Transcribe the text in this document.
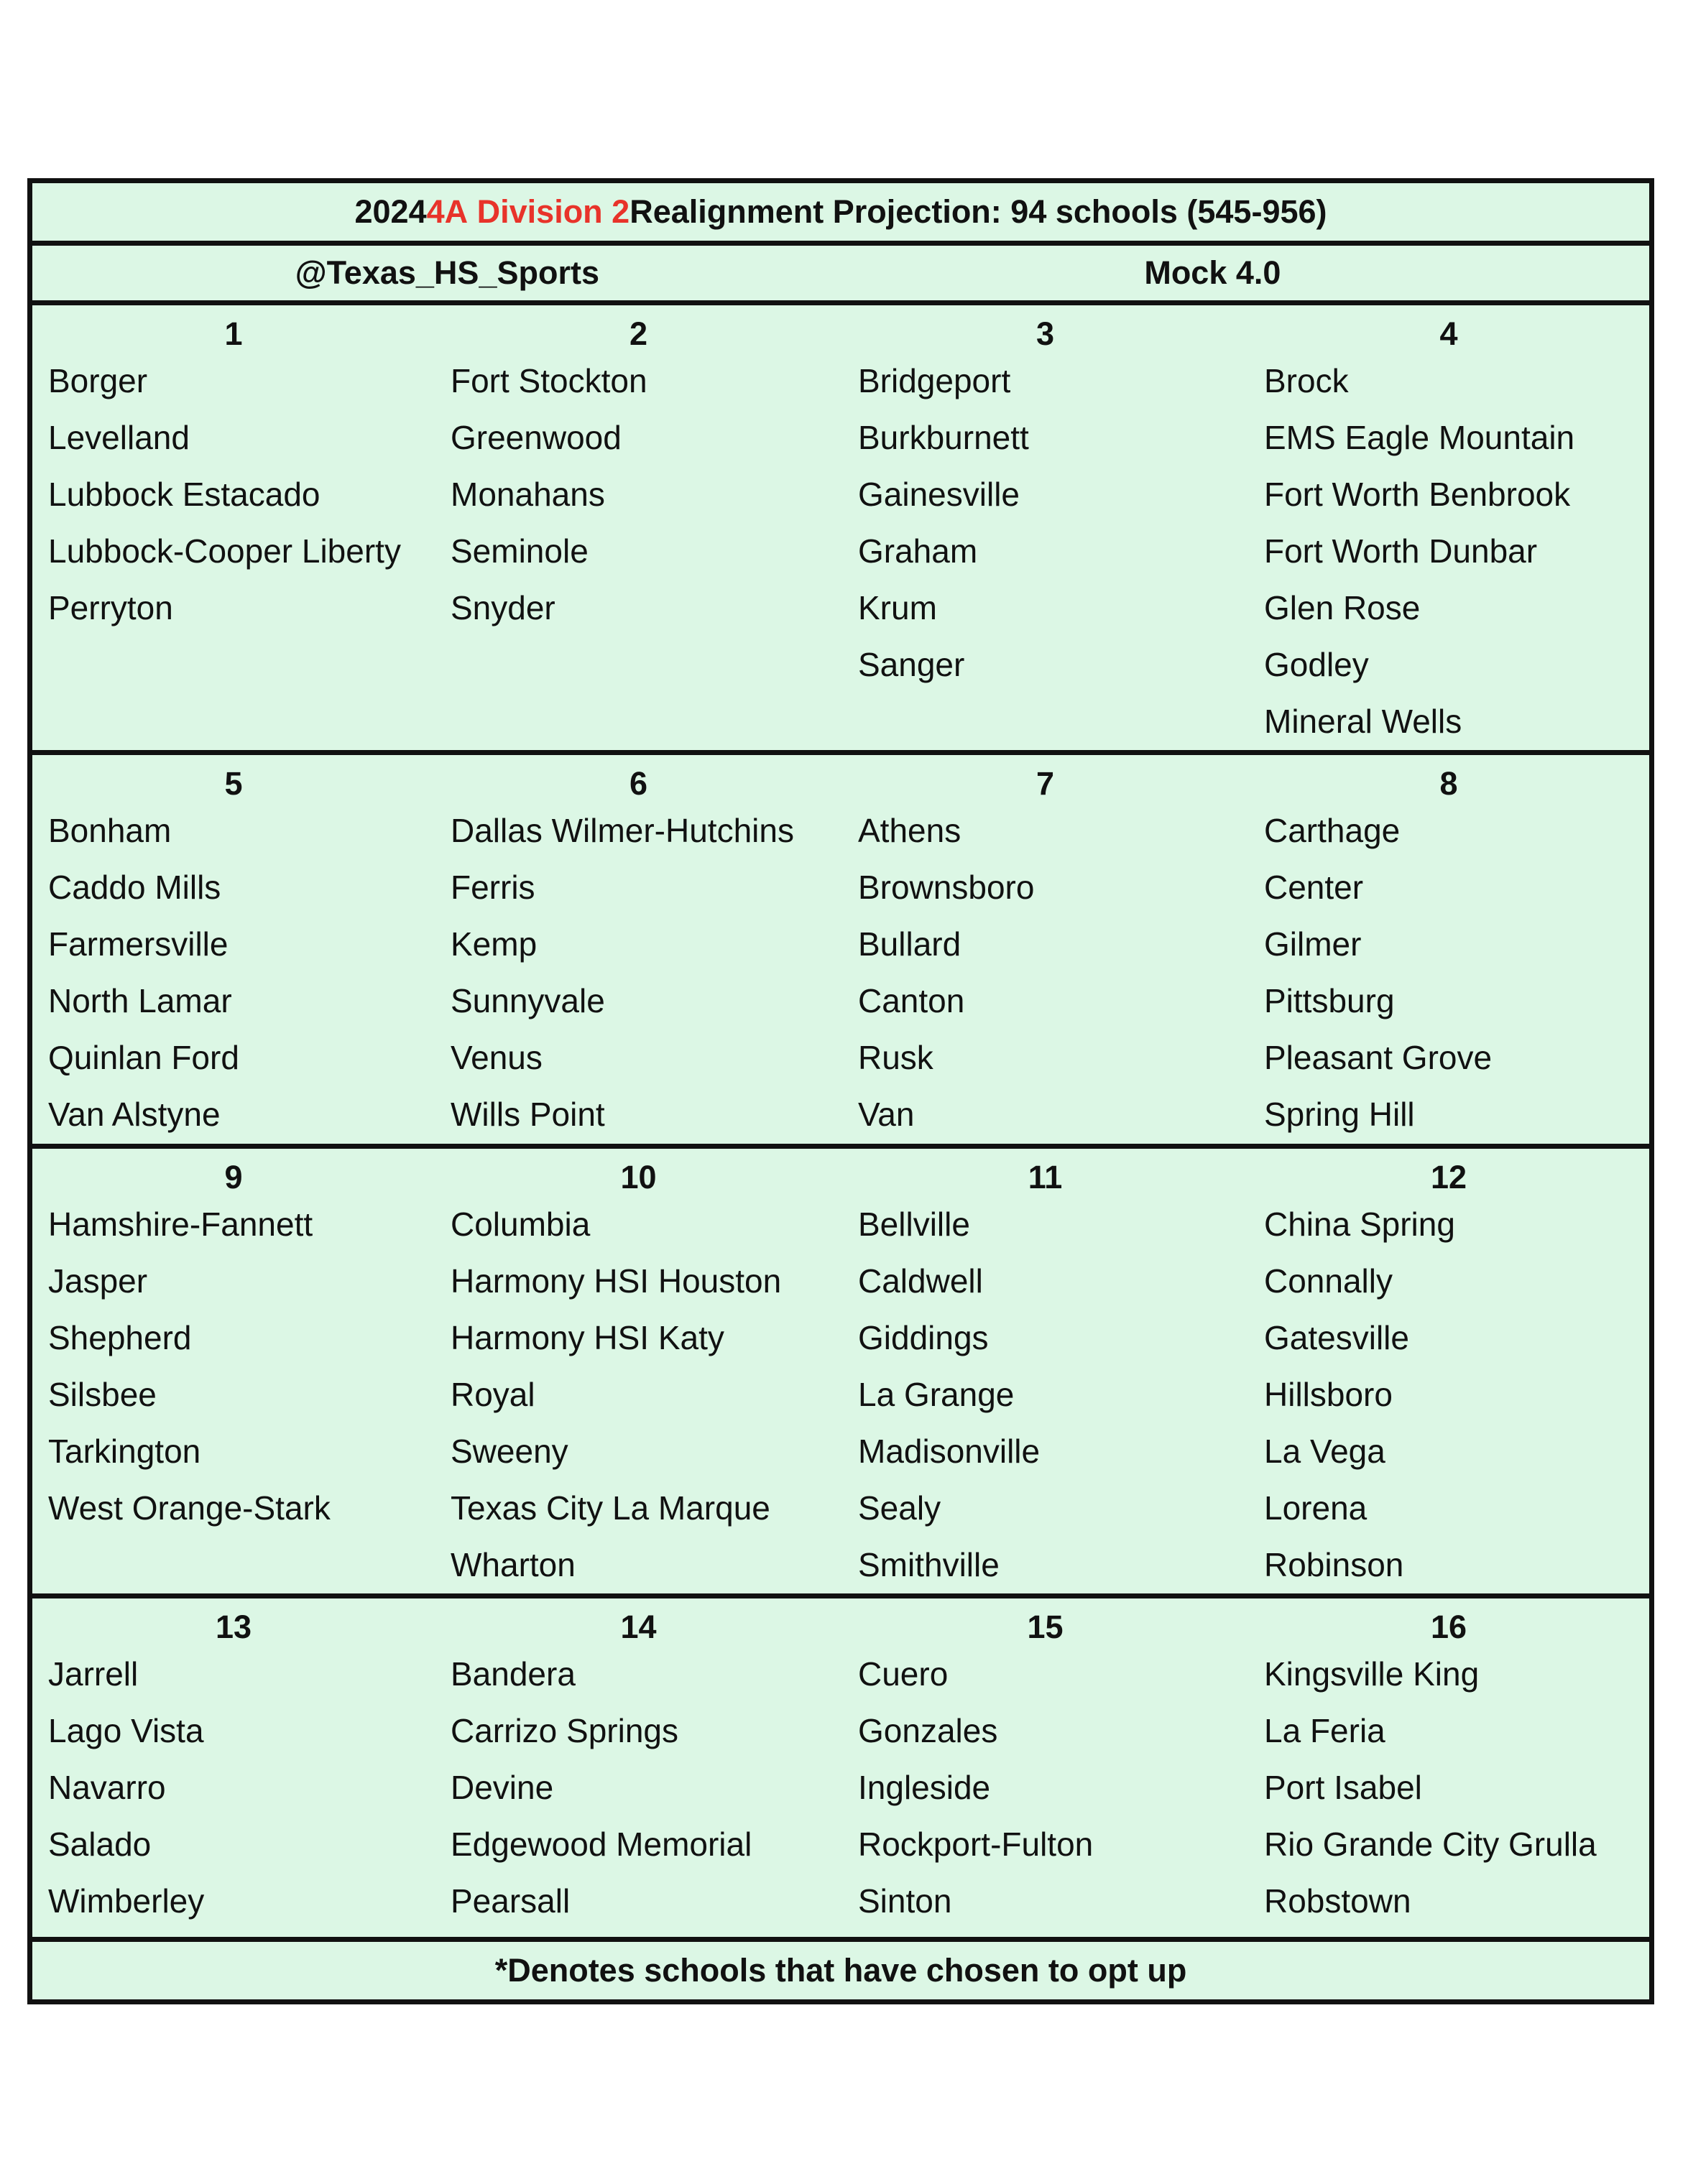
2024 4A
Division 2 Realignment Projection: 94 schools (545-956)
@Texas_HS_Sports	Mock 4.0
1
Borger
Levelland
Lubbock Estacado
Lubbock-Cooper Liberty
Perryton
2
Fort Stockton
Greenwood
Monahans
Seminole
Snyder
3
Bridgeport
Burkburnett
Gainesville
Graham
Krum
Sanger
4
Brock
EMS Eagle Mountain
Fort Worth Benbrook
Fort Worth Dunbar
Glen Rose
Godley
Mineral Wells
5
Bonham
Caddo Mills
Farmersville
North Lamar
Quinlan Ford
Van Alstyne
6
Dallas Wilmer-Hutchins
Ferris
Kemp
Sunnyvale
Venus
Wills Point
7
Athens
Brownsboro
Bullard
Canton
Rusk
Van
8
Carthage
Center
Gilmer
Pittsburg
Pleasant Grove
Spring Hill
9
Hamshire-Fannett
Jasper
Shepherd
Silsbee
Tarkington
West Orange-Stark
10
Columbia
Harmony HSI Houston
Harmony HSI Katy
Royal
Sweeny
Texas City La Marque
Wharton
11
Bellville
Caldwell
Giddings
La Grange
Madisonville
Sealy
Smithville
12
China Spring
Connally
Gatesville
Hillsboro
La Vega
Lorena
Robinson
13
Jarrell
Lago Vista
Navarro
Salado
Wimberley
14
Bandera
Carrizo Springs
Devine
Edgewood Memorial
Pearsall
15
Cuero
Gonzales
Ingleside
Rockport-Fulton
Sinton
16
Kingsville King
La Feria
Port Isabel
Rio Grande City Grulla
Robstown
*Denotes schools that have chosen to opt up
